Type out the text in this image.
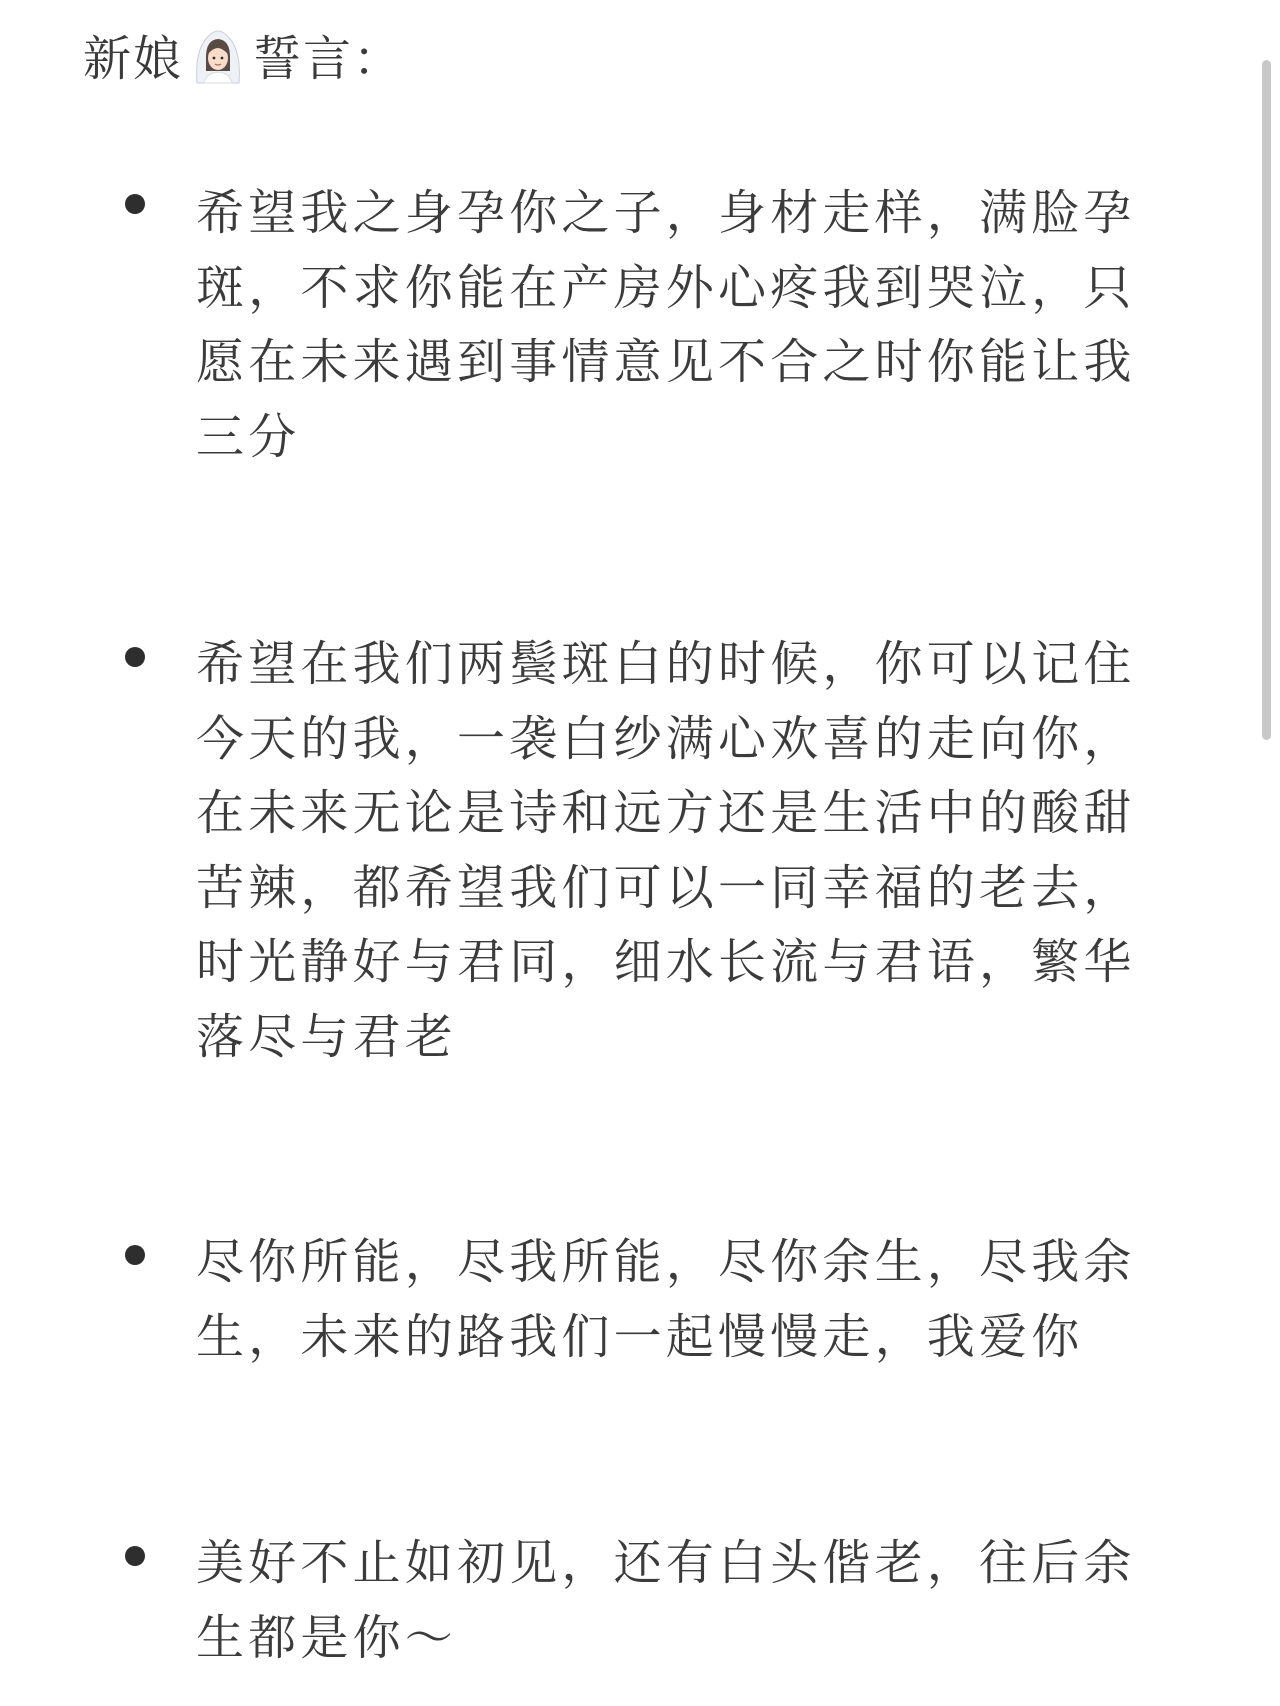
新娘 誓言：
希望我之身孕你之子，身材走样，满脸孕斑，不求你能在产房外心疼我到哭泣，只愿在未来遇到事情意见不合之时你能让我三分
希望在我们两鬓斑白的时候，你可以记住今天的我，一袭白纱满心欢喜的走向你，在未来无论是诗和远方还是生活中的酸甜苦辣，都希望我们可以一同幸福的老去，时光静好与君同，细水长流与君语，繁华落尽与君老
尽你所能，尽我所能，尽你余生，尽我余生，未来的路我们一起慢慢走，我爱你
美好不止如初见，还有白头偕老，往后余生都是你～
